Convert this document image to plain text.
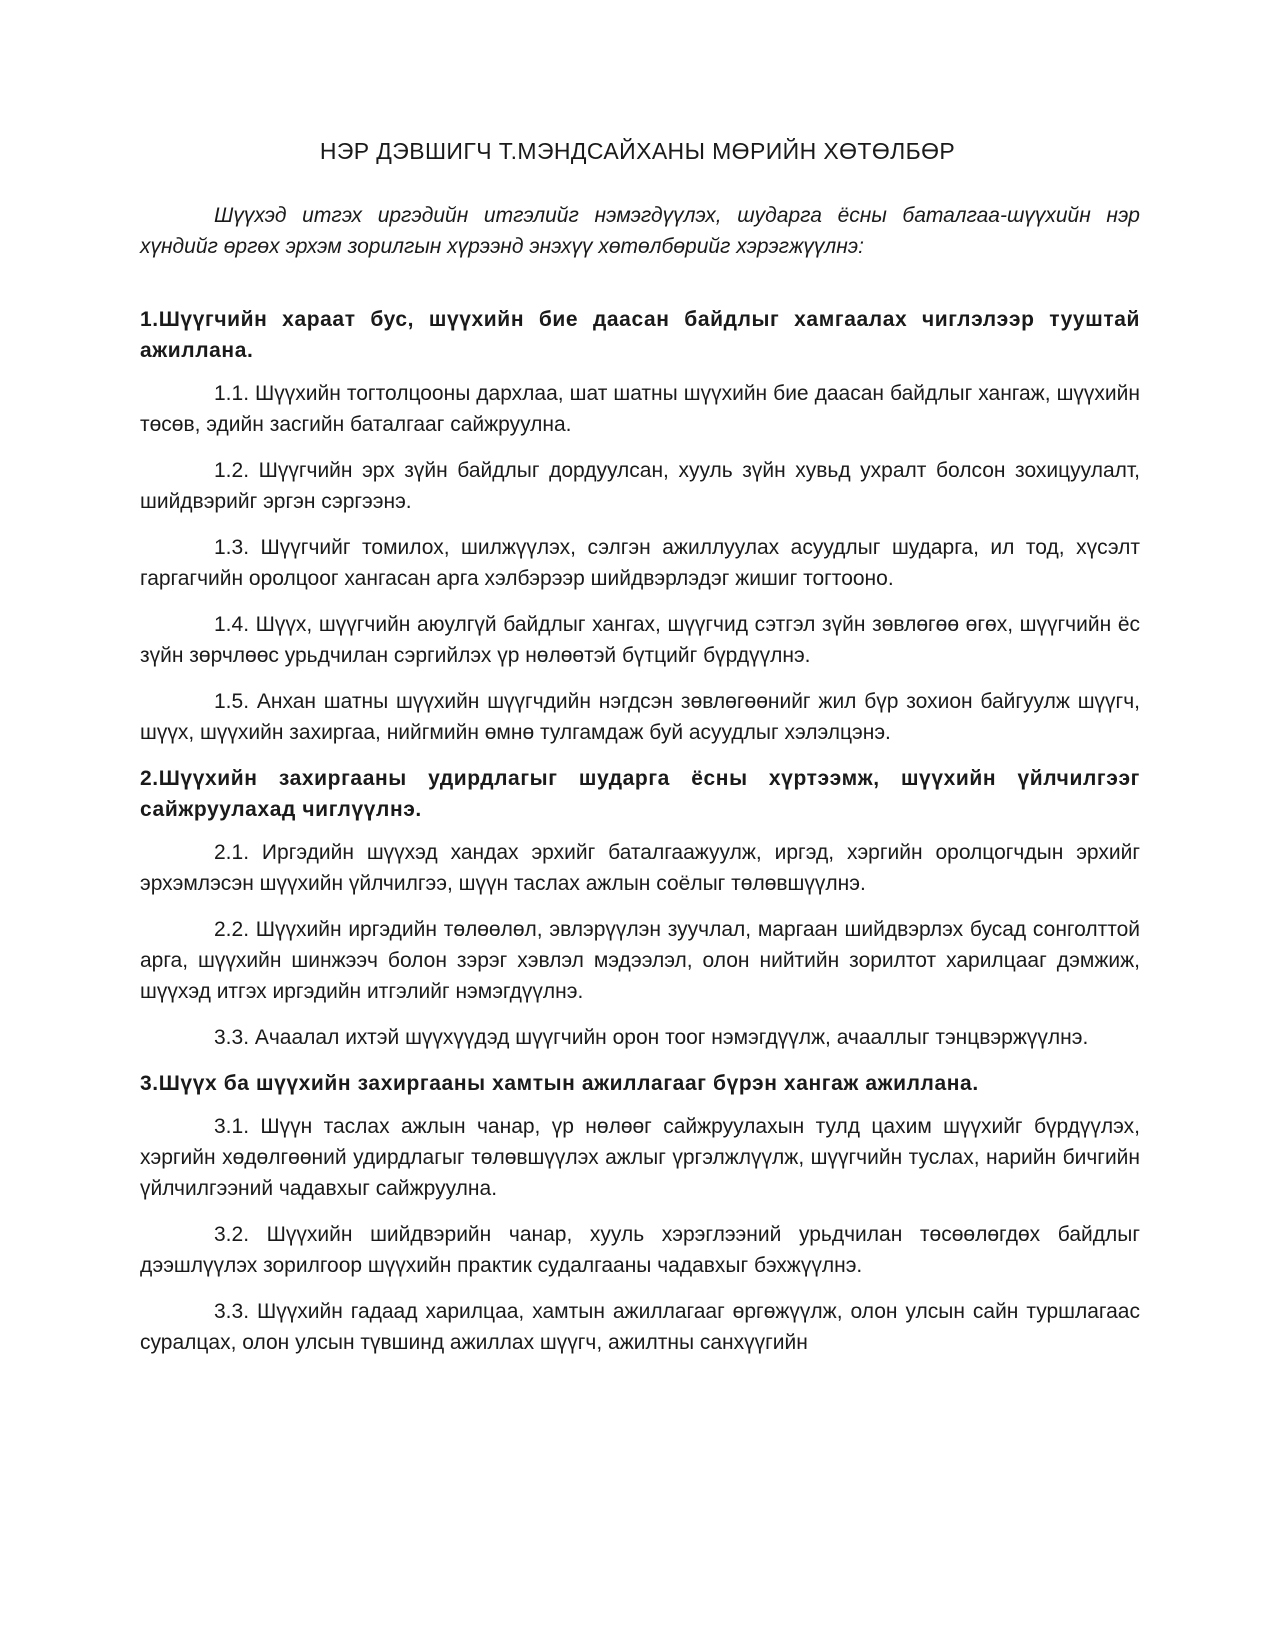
НЭР ДЭВШИГЧ Т.МЭНДСАЙХАНЫ МӨРИЙН ХӨТӨЛБӨР

Шүүхэд итгэх иргэдийн итгэлийг нэмэгдүүлэх, шударга ёсны баталгаа-шүүхийн нэр хүндийг өргөх эрхэм зорилгын хүрээнд энэхүү хөтөлбөрийг хэрэгжүүлнэ:

1.Шүүгчийн хараат бус, шүүхийн бие даасан байдлыг хамгаалах чиглэлээр тууштай ажиллана.

1.1. Шүүхийн тогтолцооны дархлаа, шат шатны шүүхийн бие даасан байдлыг хангаж, шүүхийн төсөв, эдийн засгийн баталгааг сайжруулна.

1.2. Шүүгчийн эрх зүйн байдлыг дордуулсан, хууль зүйн хувьд ухралт болсон зохицуулалт, шийдвэрийг эргэн сэргээнэ.

1.3. Шүүгчийг томилох, шилжүүлэх, сэлгэн ажиллуулах асуудлыг шударга, ил тод, хүсэлт гаргагчийн оролцоог хангасан арга хэлбэрээр шийдвэрлэдэг жишиг тогтооно.

1.4. Шүүх, шүүгчийн аюулгүй байдлыг хангах, шүүгчид сэтгэл зүйн зөвлөгөө өгөх, шүүгчийн ёс зүйн зөрчлөөс урьдчилан сэргийлэх үр нөлөөтэй бүтцийг бүрдүүлнэ.

1.5. Анхан шатны шүүхийн шүүгчдийн нэгдсэн зөвлөгөөнийг жил бүр зохион байгуулж шүүгч, шүүх, шүүхийн захиргаа, нийгмийн өмнө тулгамдаж буй асуудлыг хэлэлцэнэ.

2.Шүүхийн захиргааны удирдлагыг шударга ёсны хүртээмж, шүүхийн үйлчилгээг сайжруулахад чиглүүлнэ.

2.1. Иргэдийн шүүхэд хандах эрхийг баталгаажуулж, иргэд, хэргийн оролцогчдын эрхийг эрхэмлэсэн шүүхийн үйлчилгээ, шүүн таслах ажлын соёлыг төлөвшүүлнэ.

2.2. Шүүхийн иргэдийн төлөөлөл, эвлэрүүлэн зуучлал, маргаан шийдвэрлэх бусад сонголттой арга, шүүхийн шинжээч болон зэрэг хэвлэл мэдээлэл, олон нийтийн зорилтот харилцааг дэмжиж, шүүхэд итгэх иргэдийн итгэлийг нэмэгдүүлнэ.

3.3. Ачаалал ихтэй шүүхүүдэд шүүгчийн орон тоог нэмэгдүүлж, ачааллыг тэнцвэржүүлнэ.

3.Шүүх ба шүүхийн захиргааны хамтын ажиллагааг бүрэн хангаж ажиллана.

3.1. Шүүн таслах ажлын чанар, үр нөлөөг сайжруулахын тулд цахим шүүхийг бүрдүүлэх, хэргийн хөдөлгөөний удирдлагыг төлөвшүүлэх ажлыг үргэлжлүүлж, шүүгчийн туслах, нарийн бичгийн үйлчилгээний чадавхыг сайжруулна.

3.2. Шүүхийн шийдвэрийн чанар, хууль хэрэглээний урьдчилан төсөөлөгдөх байдлыг дээшлүүлэх зорилгоор шүүхийн практик судалгааны чадавхыг бэхжүүлнэ.

3.3. Шүүхийн гадаад харилцаа, хамтын ажиллагааг өргөжүүлж, олон улсын сайн туршлагаас суралцах, олон улсын түвшинд ажиллах шүүгч, ажилтны санхүүгийн
